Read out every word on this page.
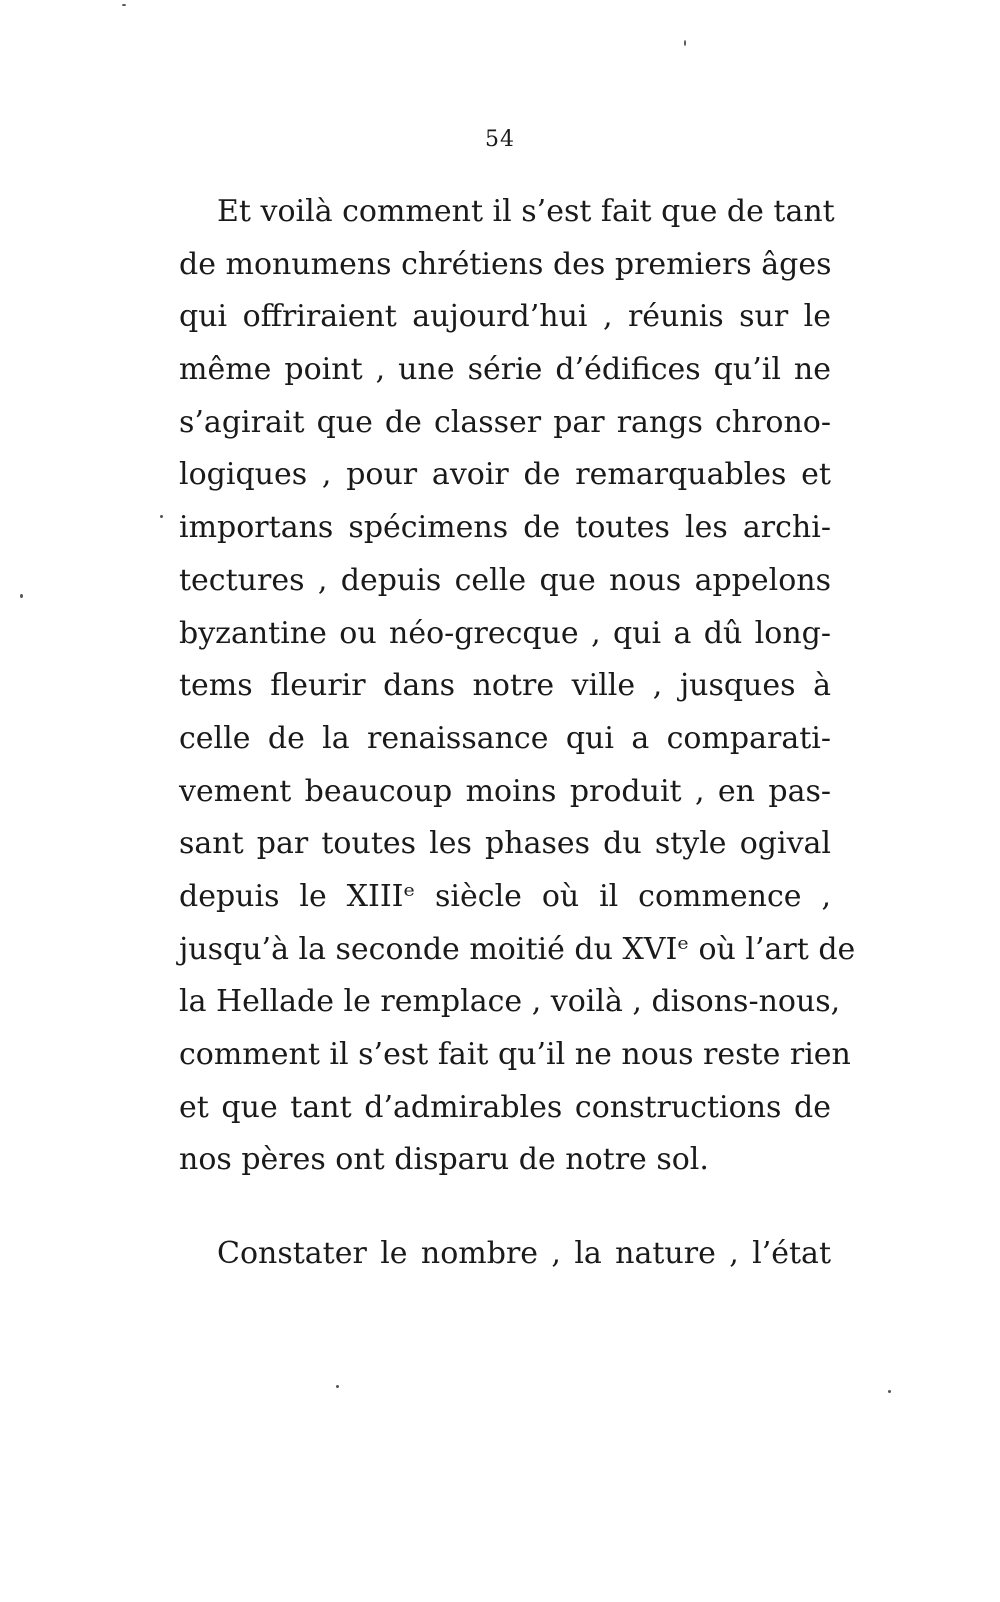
54
Et voilà comment il s’est fait que de tant
de monumens chrétiens des premiers âges
qui offriraient aujourd’hui , réunis sur le
même point , une série d’édifices qu’il ne
s’agirait que de classer par rangs chrono-
logiques , pour avoir de remarquables et
importans spécimens de toutes les archi-
tectures , depuis celle que nous appelons
byzantine ou néo-grecque , qui a dû long-
tems fleurir dans notre ville , jusques à
celle de la renaissance qui a comparati-
vement beaucoup moins produit , en pas-
sant par toutes les phases du style ogival
depuis le XIIIᵉ siècle où il commence ,
jusqu’à la seconde moitié du XVIᵉ où l’art de
la Hellade le remplace , voilà , disons-nous,
comment il s’est fait qu’il ne nous reste rien
et que tant d’admirables constructions de
nos pères ont disparu de notre sol.
Constater le nombre , la nature , l’état
